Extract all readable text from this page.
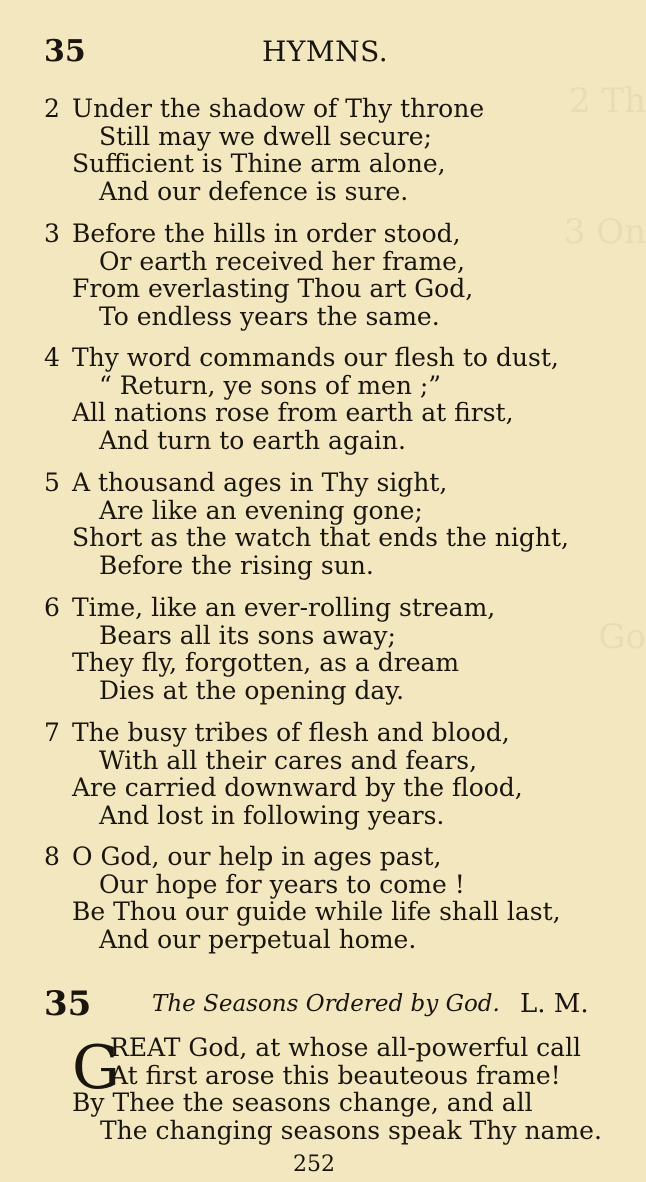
2 Th
3 On
Go
35	HYMNS.
2 Under the shadow of Thy throne
Still may we dwell secure;
Sufficient is Thine arm alone,
And our defence is sure.
3 Before the hills in order stood,
Or earth received her frame,
From everlasting Thou art God,
To endless years the same.
4 Thy word commands our flesh to dust,
“ Return, ye sons of men ;”
All nations rose from earth at first,
And turn to earth again.
5 A thousand ages in Thy sight,
Are like an evening gone;
Short as the watch that ends the night,
Before the rising sun.
6 Time, like an ever-rolling stream,
Bears all its sons away;
They fly, forgotten, as a dream
Dies at the opening day.
7 The busy tribes of flesh and blood,
With all their cares and fears,
Are carried downward by the flood,
And lost in following years.
8 O God, our help in ages past,
Our hope for years to come !
Be Thou our guide while life shall last,
And our perpetual home.
35	The Seasons Ordered by God. L. M.
G
REAT God, at whose all-powerful call
At first arose this beauteous frame!
By Thee the seasons change, and all
The changing seasons speak Thy name.
252
